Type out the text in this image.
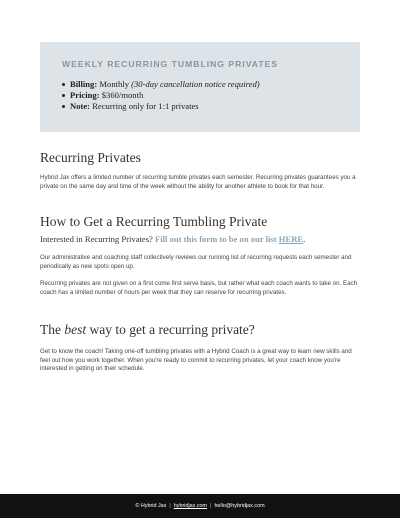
WEEKLY RECURRING TUMBLING PRIVATES
Billing: Monthly (30-day cancellation notice required)
Pricing: $360/month
Note: Recurring only for 1:1 privates
Recurring Privates

Hybrid Jax offers a limited number of recurring tumble privates each semester. Recurring privates guarantees you a private on the same day and time of the week without the ability for another athlete to book for that hour.

How to Get a Recurring Tumbling Private
Interested in Recurring Privates? Fill out this form to be on our list HERE.

Our administrative and coaching staff collectively reviews our running list of recurring requests each semester and periodically as new spots open up.

Recurring privates are not given on a first come first serve basis, but rather what each coach wants to take on. Each coach has a limited number of hours per week that they can reserve for recurring privates.

The best way to get a recurring private?

Get to know the coach! Taking one-off tumbling privates with a Hybrid Coach is a great way to learn new skills and feel out how you work together. When you're ready to commit to recurring privates, let your coach know you're interested in getting on their schedule.

© Hybrid Jax | hybridjax.com | hello@hybridjax.com
